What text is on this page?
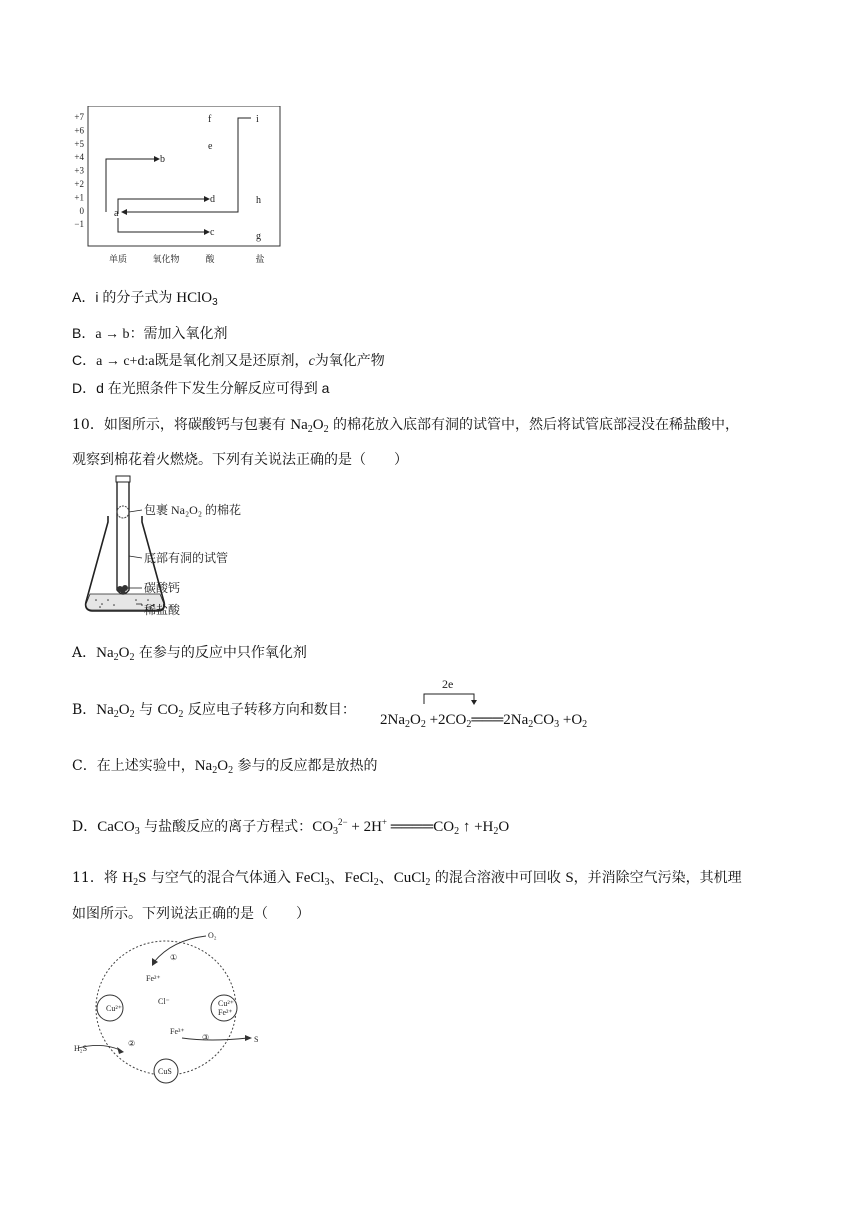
+7
+6
+5
+4
+3
+2
+1
0
−1
a
b
c
d
e
f
g
h
i
单质	氧化物	酸	盐
A．i 的分子式为 HClO$_3$
B．a → b：需加入氧化剂
C．a → c+d:a既是氧化剂又是还原剂，c为氧化产物
D．d 在光照条件下发生分解反应可得到 a
10．如图所示，将碳酸钙与包裹有 $Na_2O_2$ 的棉花放入底部有洞的试管中，然后将试管底部浸没在稀盐酸中，
观察到棉花着火燃烧。下列有关说法正确的是（　　）
包裹 Na₂O₂ 的棉花
底部有洞的试管
碳酸钙
稀盐酸
A．$Na_2O_2$ 在参与的反应中只作氧化剂
B．$Na_2O_2$ 与 $CO_2$ 反应电子转移方向和数目：
2e
$2Na_2O_2$ $+2CO_2═══2Na_2CO_3 +O_2$
C．在上述实验中，$Na_2O_2$ 参与的反应都是放热的
D．CaCO$_3$ 与盐酸反应的离子方程式：$CO_3^{2-} + 2H^+$ $════CO_2$ ↑ $+H_2O$
11．将 $H_2S$ 与空气的混合气体通入 FeCl$_3$、FeCl$_2$、CuCl$_2$ 的混合溶液中可回收 S，并消除空气污染，其机理
如图所示。下列说法正确的是（　　）
O₂
①
Fe²⁺
Cl⁻
Cu²⁺
Cu²⁺
Fe²⁺
Fe³⁺
③	S
H₂S
②
CuS
